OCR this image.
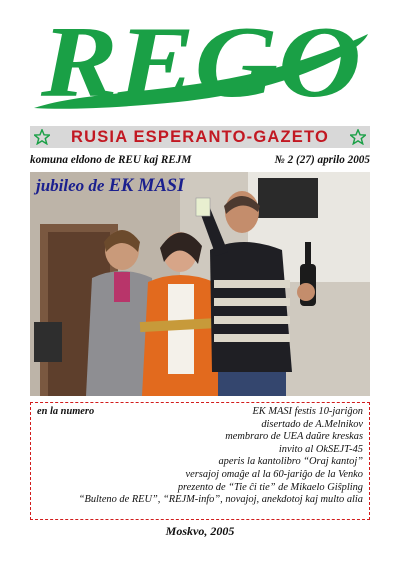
REGO
RUSIA ESPERANTO-GAZETO
komuna eldono de REU kaj REJM	№ 2 (27) aprilo 2005
jubileo de EK MASI
en la numero	EK MASI festis 10-jariĝon
disertado de A.Melnikov
membraro de UEA daŭre kreskas
invito al OkSEJT-45
aperis la kantolibro “Oraj kantoj”
versajoj omaĝe al la 60-jariĝo de la Venko
prezento de “Tie ĉi tie” de Mikaelo Giŝpling
“Bulteno de REU”, “REJM-info”, novajoj, anekdotoj kaj multo alia
Moskvo, 2005
